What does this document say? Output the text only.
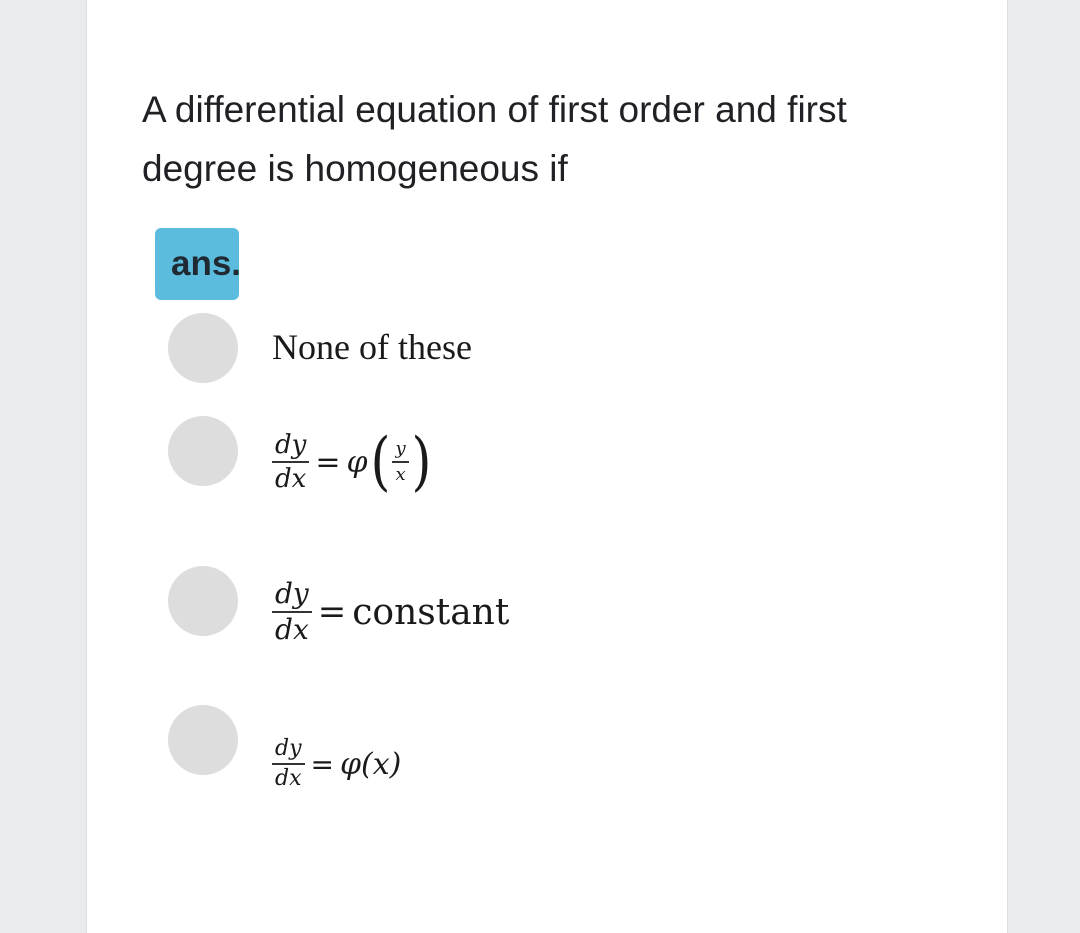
A differential equation of first order and first degree is homogeneous if
ans.
None of these
$\frac{dy}{dx} = \varphi$ ( $\frac{y}{x}$ )
$\frac{dy}{dx}$ = constant
$\frac{dy}{dx} = \varphi(x)$
